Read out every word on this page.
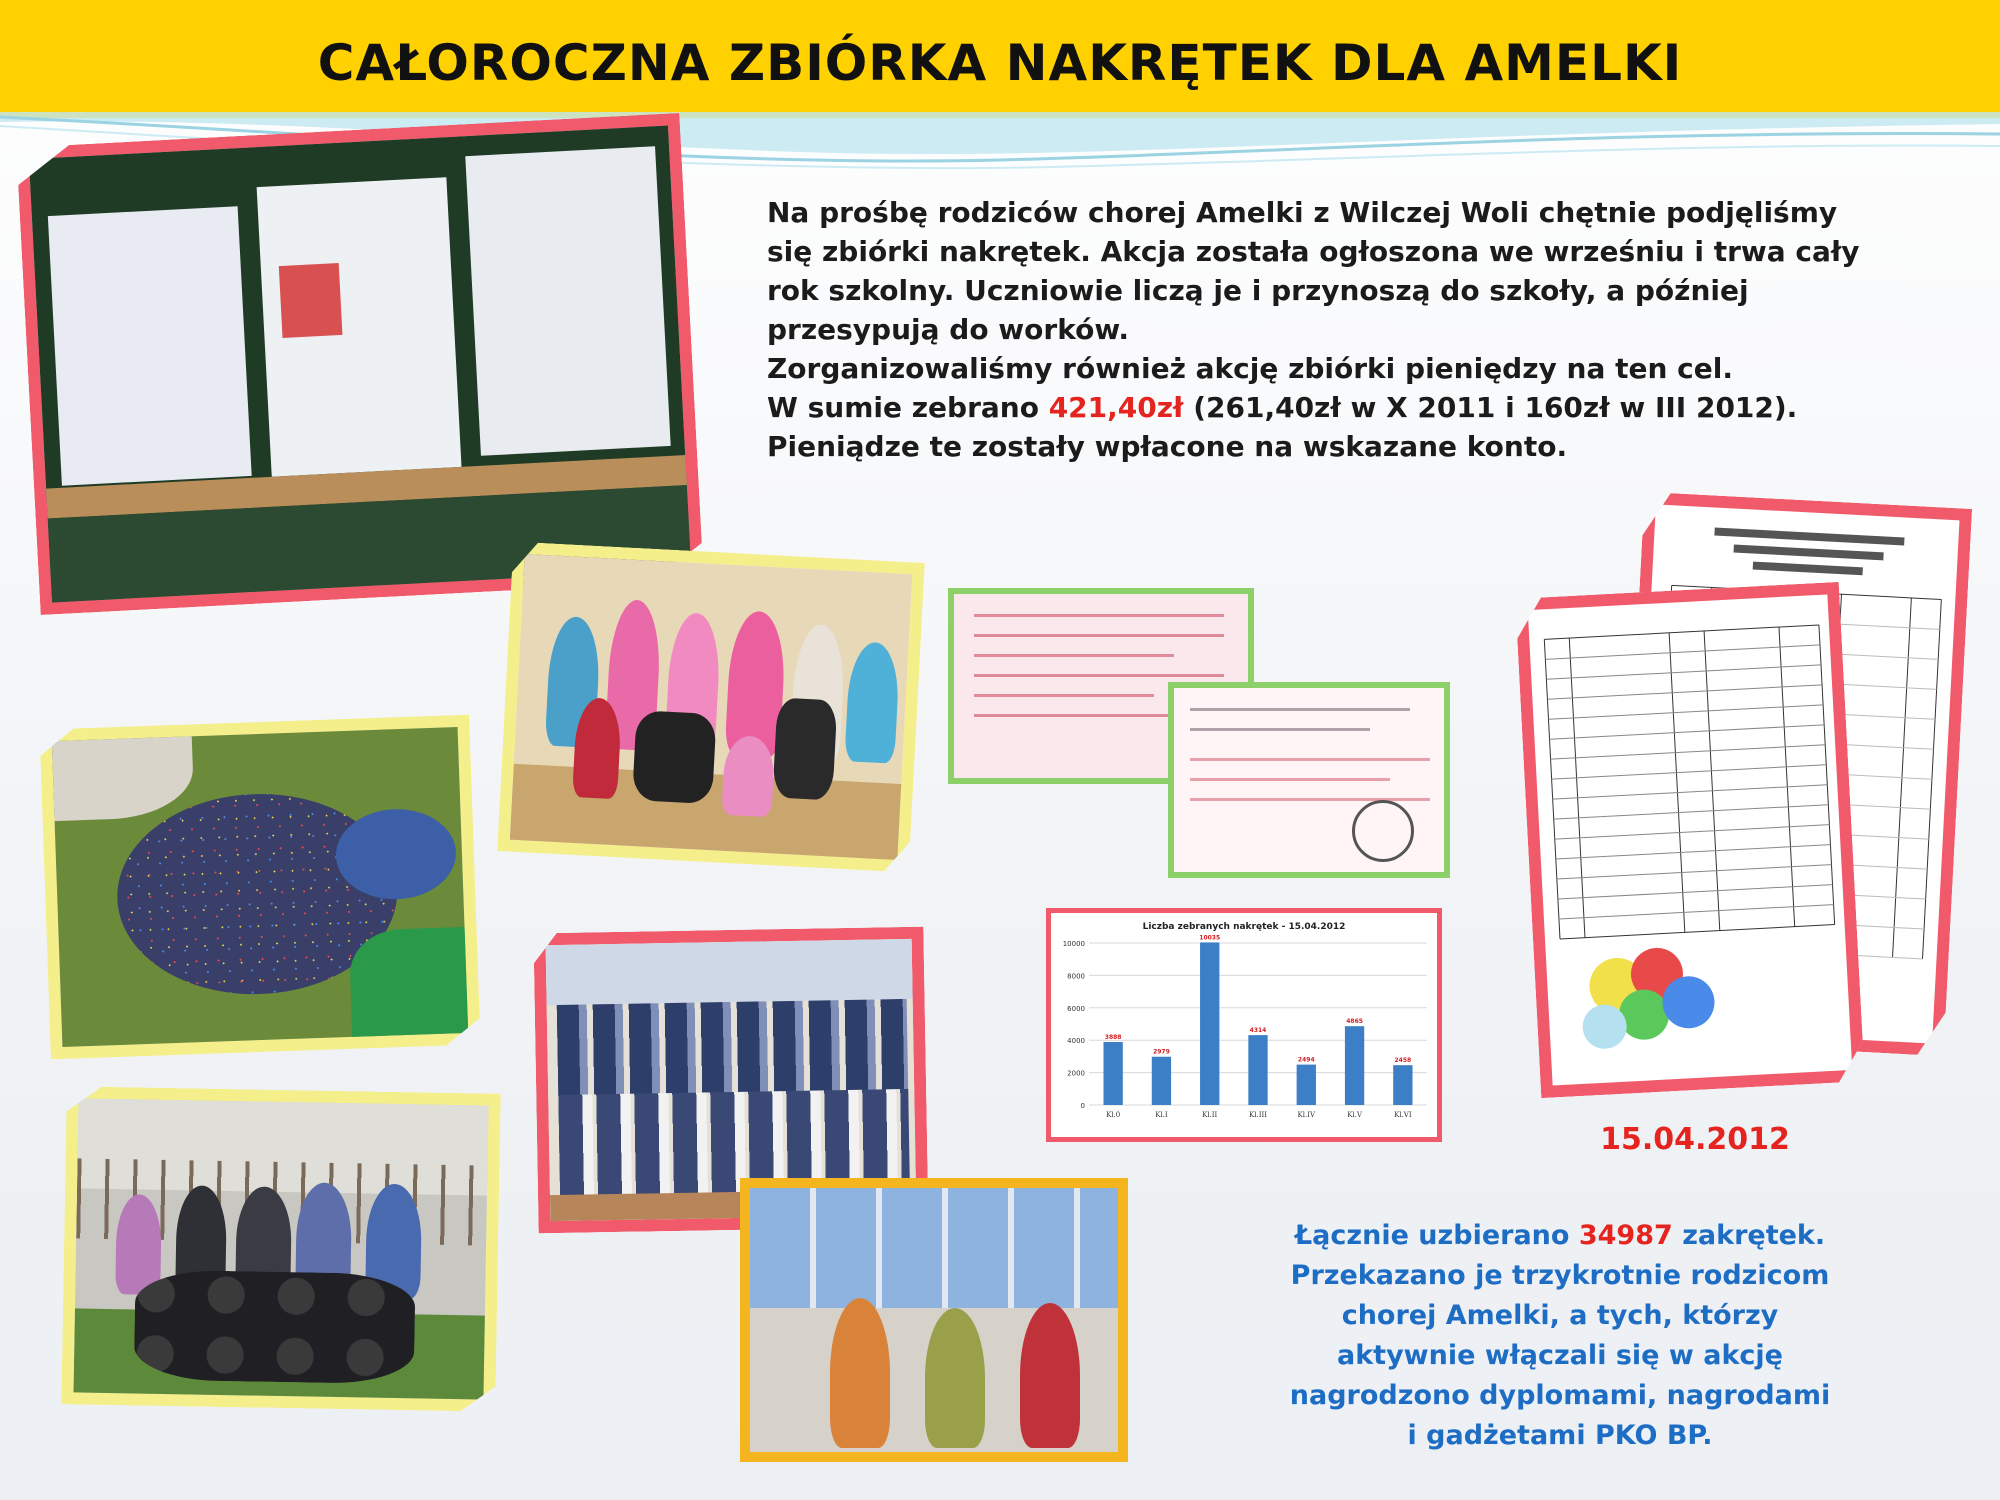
CAŁOROCZNA ZBIÓRKA NAKRĘTEK DLA AMELKI

Na prośbę rodziców chorej Amelki z Wilczej Woli chętnie podjęliśmy

się zbiórki nakrętek. Akcja została ogłoszona we wrześniu i trwa cały

rok szkolny. Uczniowie liczą je i przynoszą do szkoły, a później

przesypują do worków.

Zorganizowaliśmy również akcję zbiórki pieniędzy na ten cel.

W sumie zebrano 421,40zł (261,40zł w X 2011 i 160zł w III 2012).

Pieniądze te zostały wpłacone na wskazane konto.

Liczba zebranych nakrętek - 15.04.2012
0
2000
4000
6000
8000
10000
3888
Kl.0
2979
Kl.I
10035
Kl.II
4314
Kl.III
2494
Kl.IV
4865
Kl.V
2458
Kl.VI
15.04.2012

Łącznie uzbierano 34987 zakrętek.

Przekazano je trzykrotnie rodzicom

chorej Amelki, a tych, którzy

aktywnie włączali się w akcję

nagrodzono dyplomami, nagrodami

i gadżetami PKO BP.
